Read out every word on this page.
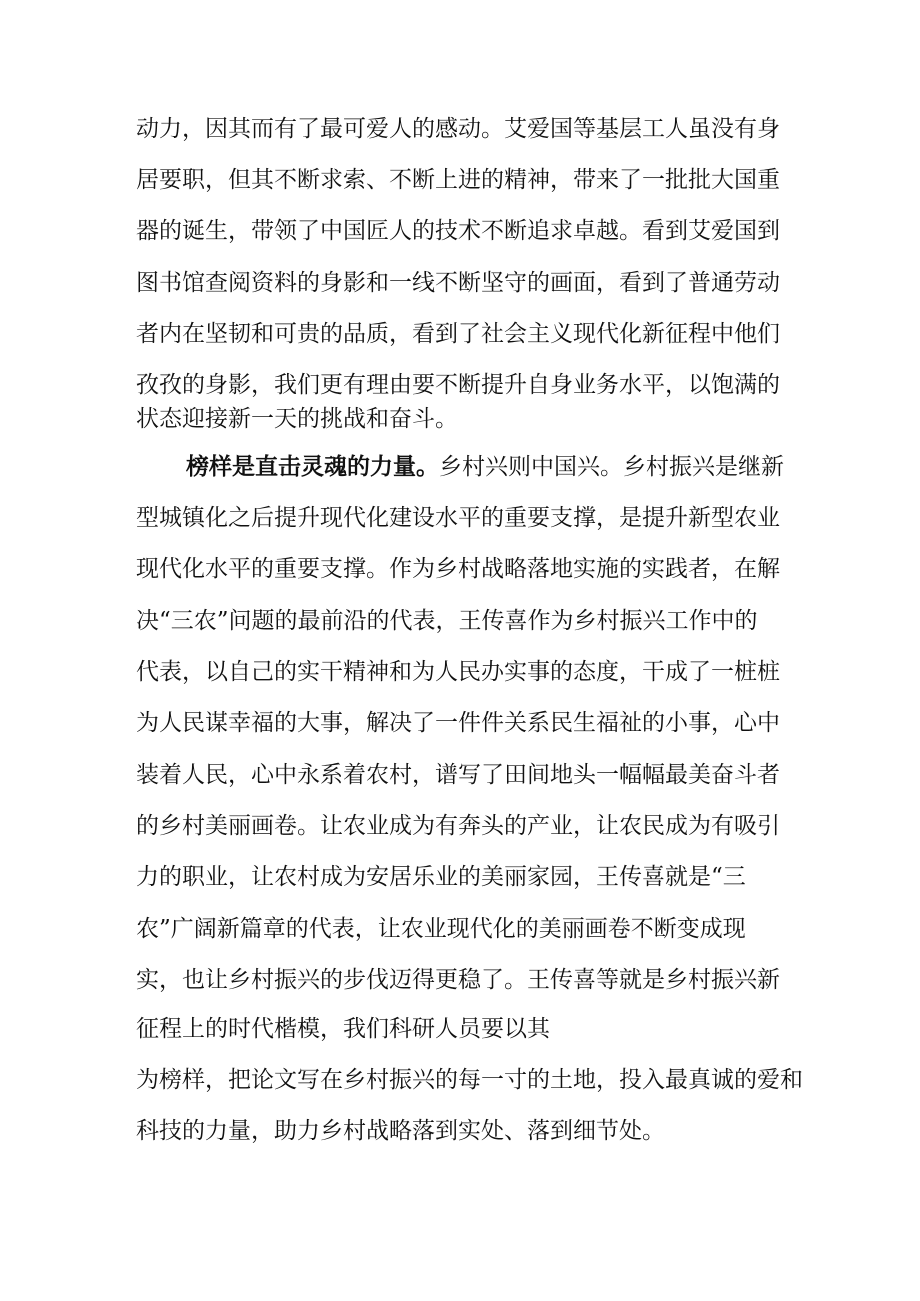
动力，因其而有了最可爱人的感动。艾爱国等基层工人虽没有身
居要职，但其不断求索、不断上进的精神，带来了一批批大国重
器的诞生，带领了中国匠人的技术不断追求卓越。看到艾爱国到
图书馆查阅资料的身影和一线不断坚守的画面，看到了普通劳动
者内在坚韧和可贵的品质，看到了社会主义现代化新征程中他们
孜孜的身影，我们更有理由要不断提升自身业务水平，以饱满的
状态迎接新一天的挑战和奋斗。
榜样是直击灵魂的力量。乡村兴则中国兴。乡村振兴是继新
型城镇化之后提升现代化建设水平的重要支撑，是提升新型农业
现代化水平的重要支撑。作为乡村战略落地实施的实践者，在解
决“三农”问题的最前沿的代表，王传喜作为乡村振兴工作中的
代表，以自己的实干精神和为人民办实事的态度，干成了一桩桩
为人民谋幸福的大事，解决了一件件关系民生福祉的小事，心中
装着人民，心中永系着农村，谱写了田间地头一幅幅最美奋斗者
的乡村美丽画卷。让农业成为有奔头的产业，让农民成为有吸引
力的职业，让农村成为安居乐业的美丽家园，王传喜就是“三
农”广阔新篇章的代表，让农业现代化的美丽画卷不断变成现
实，也让乡村振兴的步伐迈得更稳了。王传喜等就是乡村振兴新
征程上的时代楷模，我们科研人员要以其
为榜样，把论文写在乡村振兴的每一寸的土地，投入最真诚的爱和
科技的力量，助力乡村战略落到实处、落到细节处。
